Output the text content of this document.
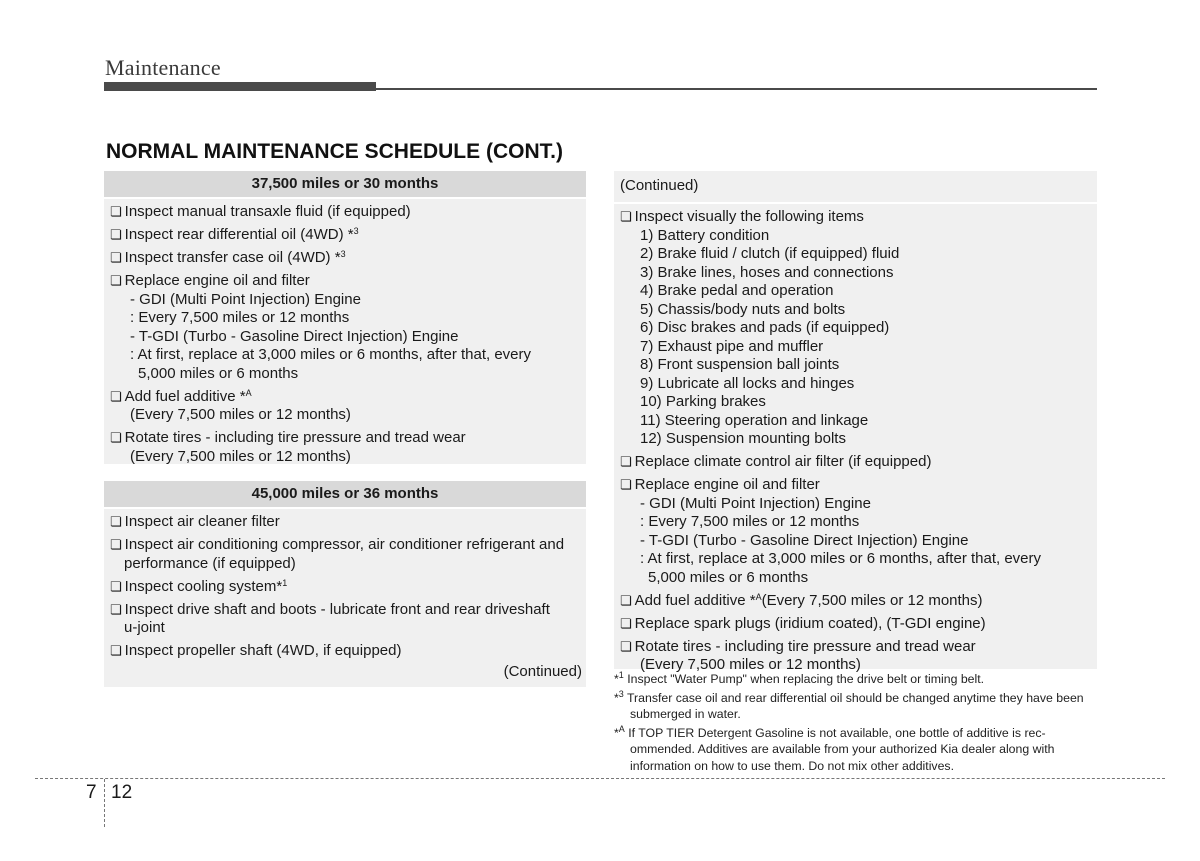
Maintenance
NORMAL MAINTENANCE SCHEDULE (CONT.)
37,500 miles or 30 months
❏ Inspect manual transaxle fluid (if equipped)
❏ Inspect rear differential oil (4WD) *$^3$
❏ Inspect transfer case oil (4WD) *$^3$
❏ Replace engine oil and filter
- GDI (Multi Point Injection) Engine
: Every 7,500 miles or 12 months
- T-GDI (Turbo - Gasoline Direct Injection) Engine
: At first, replace at 3,000 miles or 6 months, after that, every
5,000 miles or 6 months
❏ Add fuel additive *$^A$
(Every 7,500 miles or 12 months)
❏ Rotate tires - including tire pressure and tread wear
(Every 7,500 miles or 12 months)
45,000 miles or 36 months
❏ Inspect air cleaner filter
❏ Inspect air conditioning compressor, air conditioner refrigerant and
performance (if equipped)
❏ Inspect cooling system*$^1$
❏ Inspect drive shaft and boots - lubricate front and rear driveshaft
u-joint
❏ Inspect propeller shaft (4WD, if equipped)
(Continued)
(Continued)
❏ Inspect visually the following items
1) Battery condition
2) Brake fluid / clutch (if equipped) fluid
3) Brake lines, hoses and connections
4) Brake pedal and operation
5) Chassis/body nuts and bolts
6) Disc brakes and pads (if equipped)
7) Exhaust pipe and muffler
8) Front suspension ball joints
9) Lubricate all locks and hinges
10) Parking brakes
11) Steering operation and linkage
12) Suspension mounting bolts
❏ Replace climate control air filter (if equipped)
❏ Replace engine oil and filter
- GDI (Multi Point Injection) Engine
: Every 7,500 miles or 12 months
- T-GDI (Turbo - Gasoline Direct Injection) Engine
: At first, replace at 3,000 miles or 6 months, after that, every
5,000 miles or 6 months
❏ Add fuel additive *$^A$(Every 7,500 miles or 12 months)
❏ Replace spark plugs (iridium coated), (T-GDI engine)
❏ Rotate tires - including tire pressure and tread wear
(Every 7,500 miles or 12 months)
*$^1$ Inspect "Water Pump" when replacing the drive belt or timing belt.
*$^3$ Transfer case oil and rear differential oil should be changed anytime they have been submerged in water.
*$^A$ If TOP TIER Detergent Gasoline is not available, one bottle of additive is rec-ommended. Additives are available from your authorized Kia dealer along with information on how to use them. Do not mix other additives.
7 12
